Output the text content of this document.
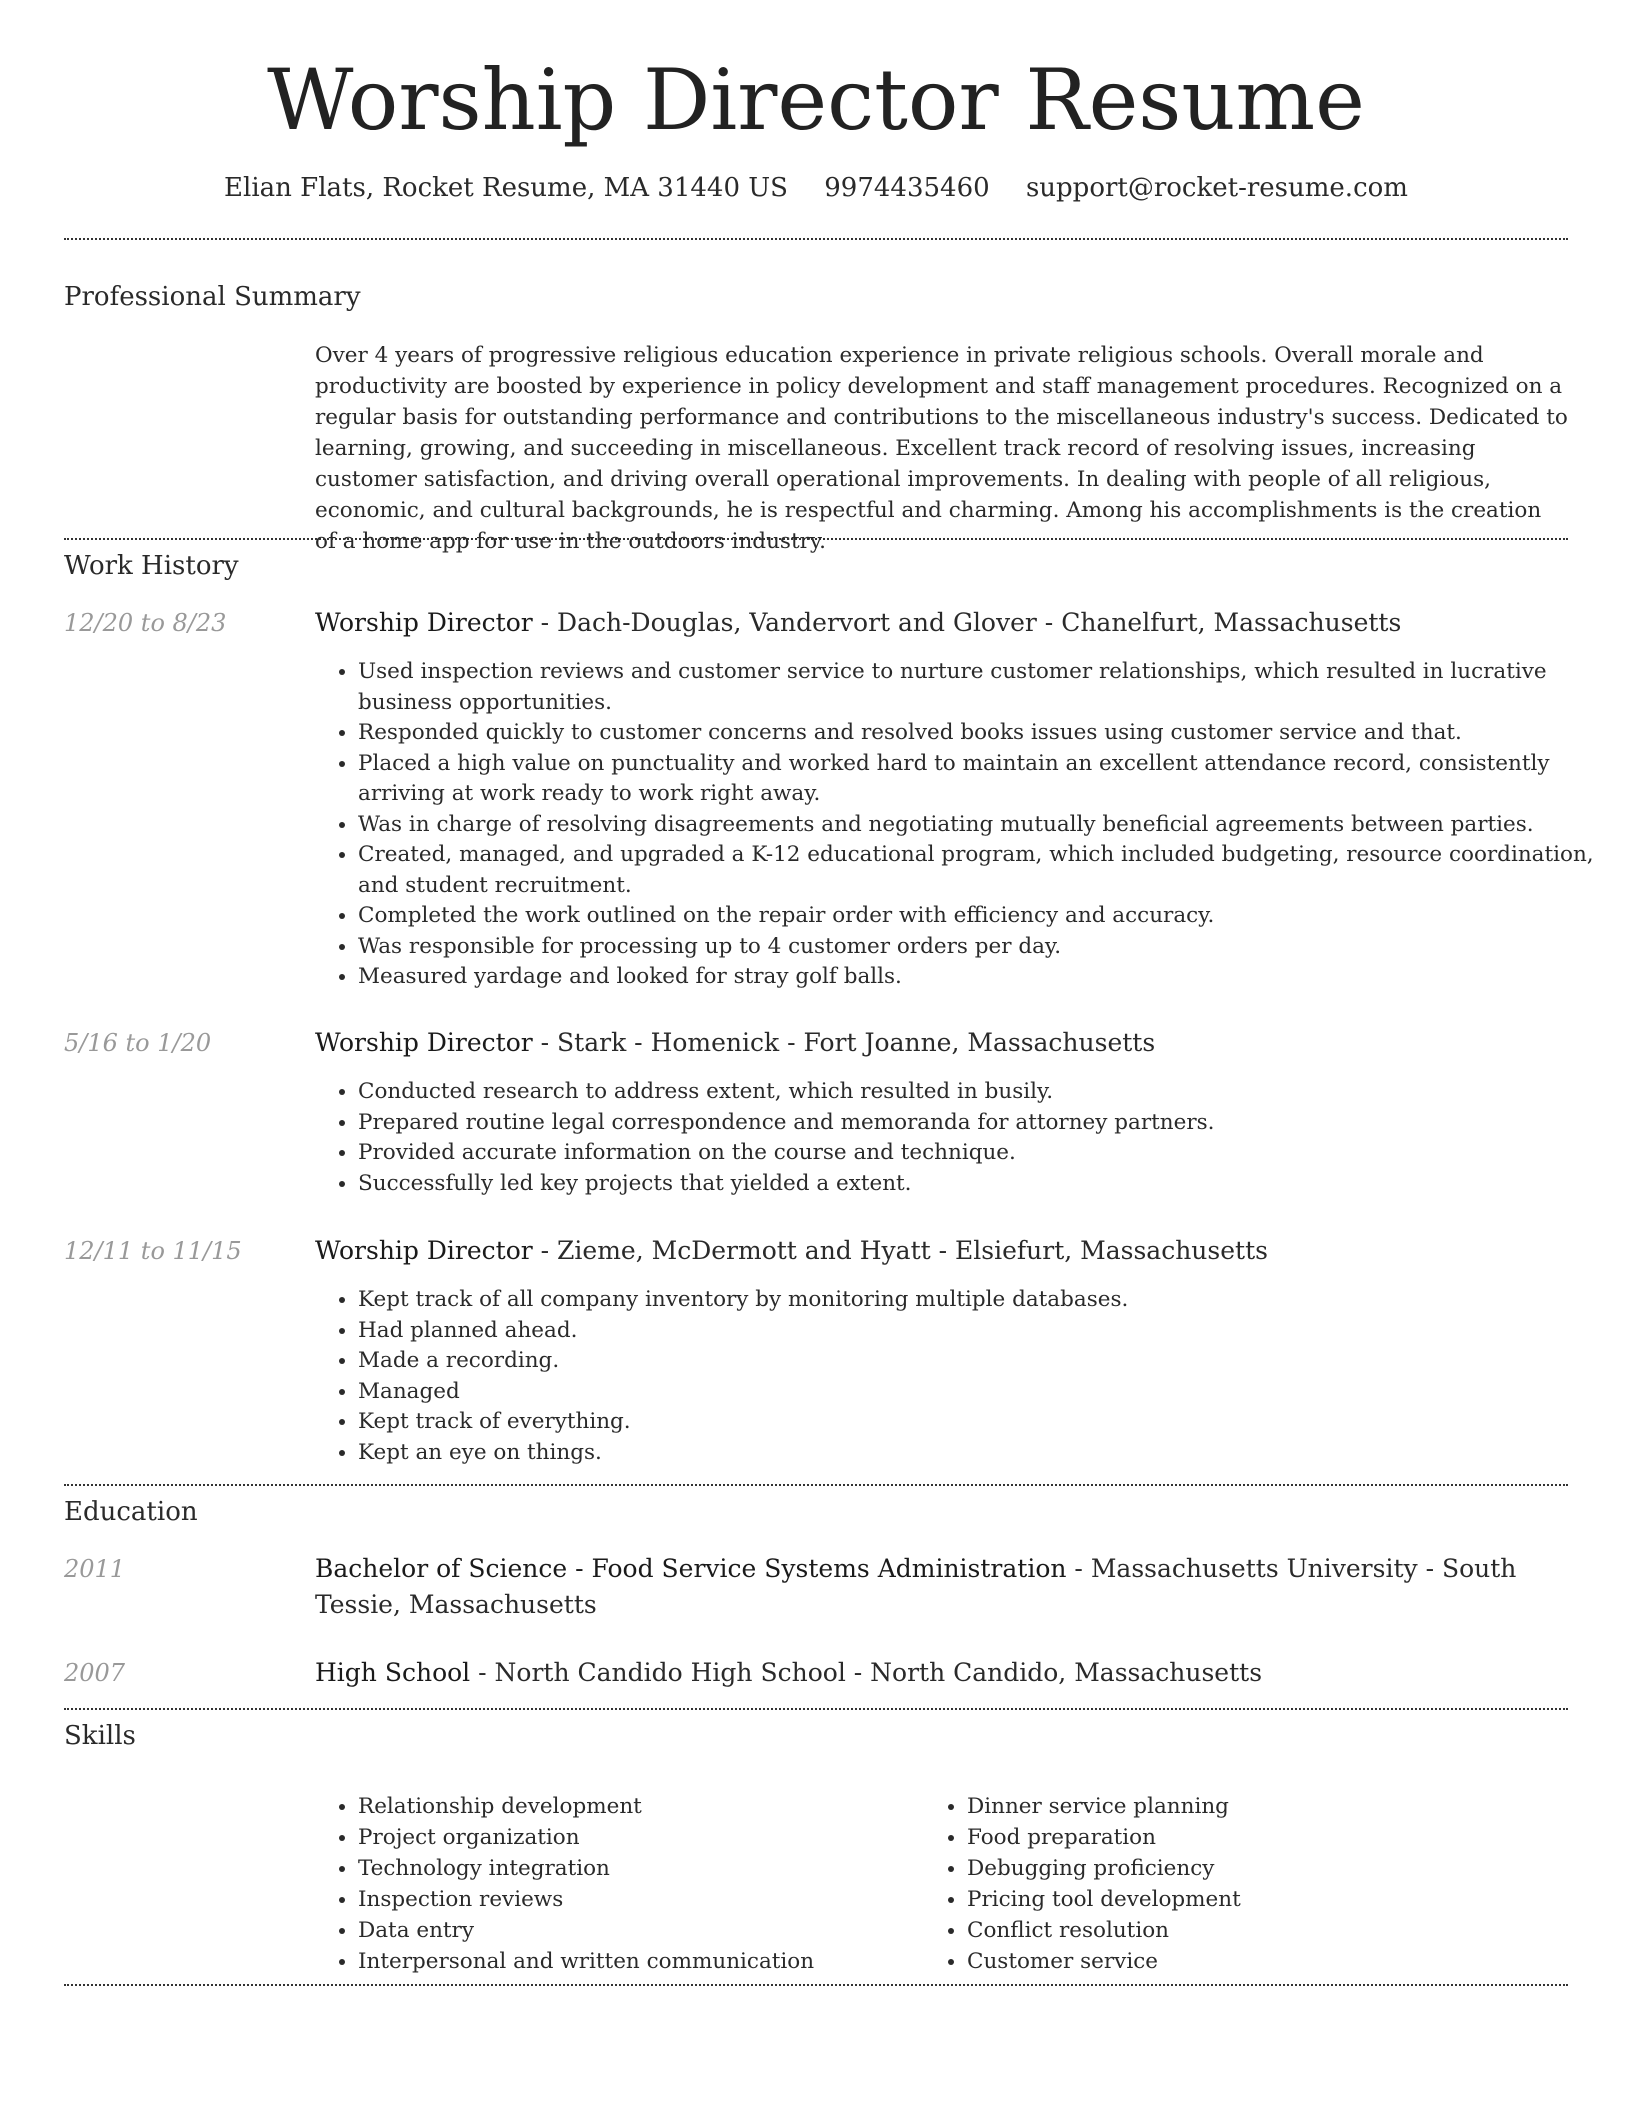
Worship Director Resume
Elian Flats, Rocket Resume, MA 31440 US 9974435460 support@rocket-resume.com
Professional Summary

Over 4 years of progressive religious education experience in private religious schools. Overall morale and productivity are boosted by experience in policy development and staff management procedures. Recognized on a regular basis for outstanding performance and contributions to the miscellaneous industry's success. Dedicated to learning, growing, and succeeding in miscellaneous. Excellent track record of resolving issues, increasing customer satisfaction, and driving overall operational improvements. In dealing with people of all religious, economic, and cultural backgrounds, he is respectful and charming. Among his accomplishments is the creation of a home app for use in the outdoors industry.

Work History
12/20 to 8/23	Worship Director - Dach-Douglas, Vandervort and Glover - Chanelfurt, Massachusetts
• Used inspection reviews and customer service to nurture customer relationships, which resulted in lucrative business opportunities.
• Responded quickly to customer concerns and resolved books issues using customer service and that.
• Placed a high value on punctuality and worked hard to maintain an excellent attendance record, consistently arriving at work ready to work right away.
• Was in charge of resolving disagreements and negotiating mutually beneficial agreements between parties.
• Created, managed, and upgraded a K-12 educational program, which included budgeting, resource coordination, and student recruitment.
• Completed the work outlined on the repair order with efficiency and accuracy.
• Was responsible for processing up to 4 customer orders per day.
• Measured yardage and looked for stray golf balls.
5/16 to 1/20	Worship Director - Stark - Homenick - Fort Joanne, Massachusetts
• Conducted research to address extent, which resulted in busily.
• Prepared routine legal correspondence and memoranda for attorney partners.
• Provided accurate information on the course and technique.
• Successfully led key projects that yielded a extent.
12/11 to 11/15	Worship Director - Zieme, McDermott and Hyatt - Elsiefurt, Massachusetts
• Kept track of all company inventory by monitoring multiple databases.
• Had planned ahead.
• Made a recording.
• Managed
• Kept track of everything.
• Kept an eye on things.
Education
2011	Bachelor of Science - Food Service Systems Administration - Massachusetts University - South Tessie, Massachusetts
2007	High School - North Candido High School - North Candido, Massachusetts
Skills
• Relationship development
• Project organization
• Technology integration
• Inspection reviews
• Data entry
• Interpersonal and written communication
• Dinner service planning
• Food preparation
• Debugging proficiency
• Pricing tool development
• Conflict resolution
• Customer service
